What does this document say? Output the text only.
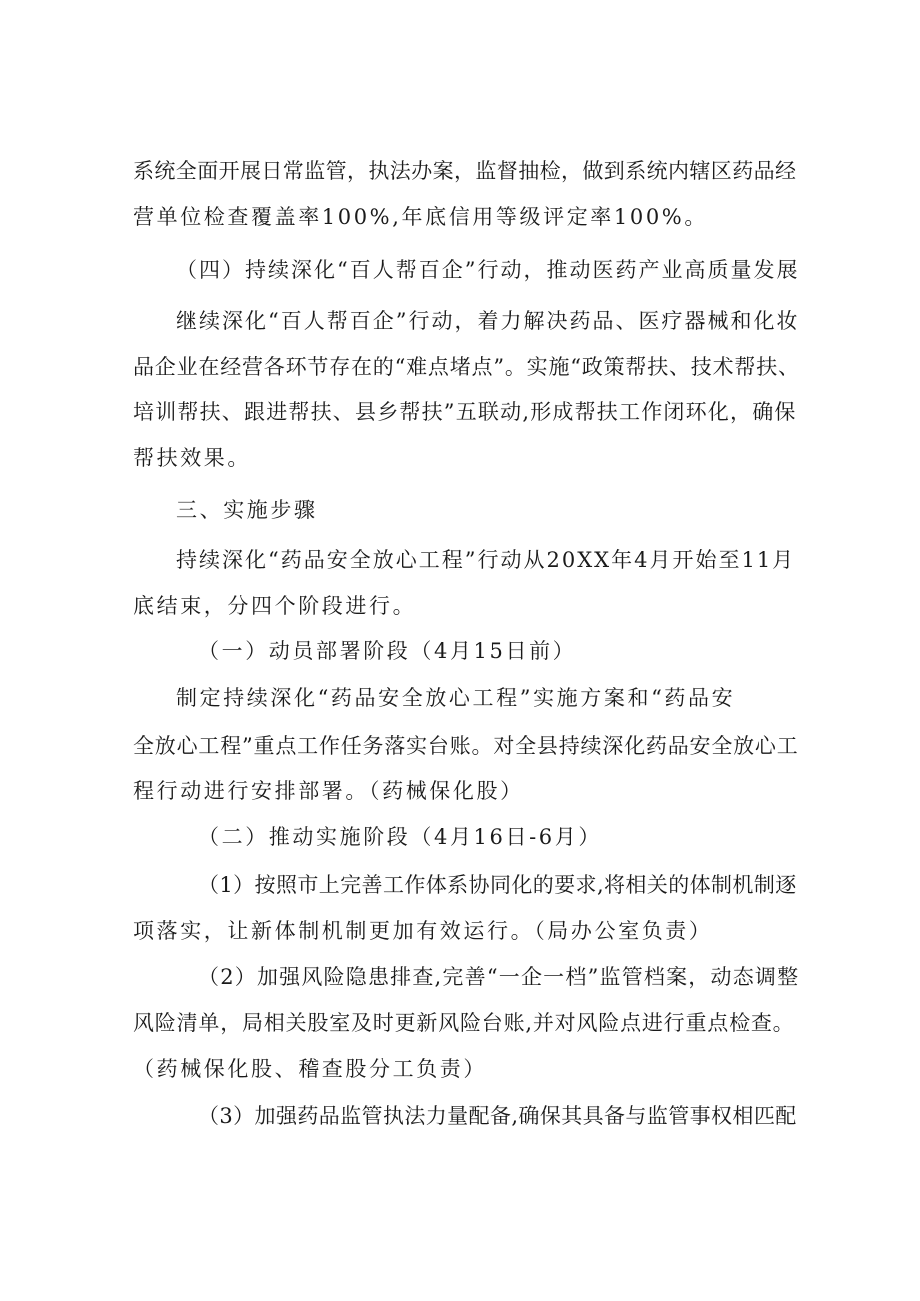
系统全面开展日常监管，执法办案，监督抽检，做到系统内辖区药品经
营单位检查覆盖率100%,年底信用等级评定率100%。
（四）持续深化“百人帮百企”行动，推动医药产业高质量发展
继续深化“百人帮百企”行动，着力解决药品、医疗器械和化妆
品企业在经营各环节存在的“难点堵点”。实施“政策帮扶、技术帮扶、
培训帮扶、跟进帮扶、县乡帮扶”五联动,形成帮扶工作闭环化，确保
帮扶效果。
三、实施步骤
持续深化“药品安全放心工程”行动从20XX年4月开始至11月
底结束，分四个阶段进行。
（一）动员部署阶段（4月15日前）
制定持续深化“药品安全放心工程”实施方案和“药品安
全放心工程”重点工作任务落实台账。对全县持续深化药品安全放心工
程行动进行安排部署。（药械保化股）
（二）推动实施阶段（4月16日-6月）
（1）按照市上完善工作体系协同化的要求,将相关的体制机制逐
项落实，让新体制机制更加有效运行。（局办公室负责）
（2）加强风险隐患排查,完善“一企一档”监管档案，动态调整
风险清单，局相关股室及时更新风险台账,并对风险点进行重点检查。
（药械保化股、稽查股分工负责）
（3）加强药品监管执法力量配备,确保其具备与监管事权相匹配
